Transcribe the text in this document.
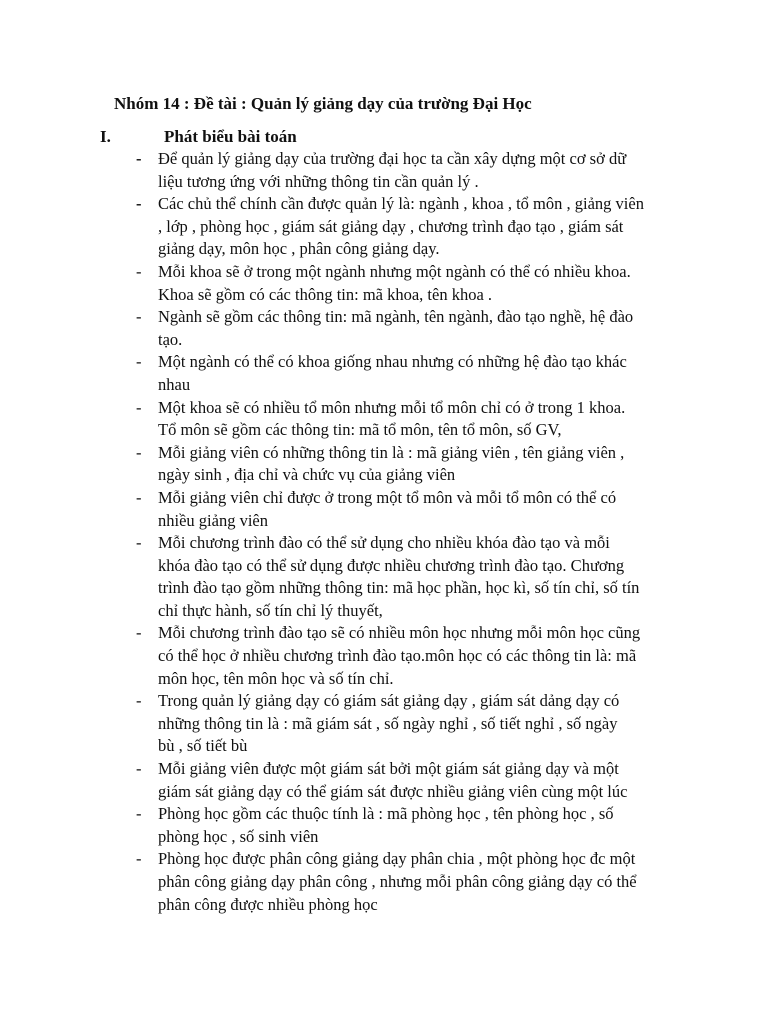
Nhóm 14 : Đề tài : Quản lý giảng dạy của trường Đại Học
I.	Phát biểu bài toán
-	Để quản lý giảng dạy của trường đại học ta cần xây dựng một cơ sở dữ
liệu tương ứng với những thông tin cần quản lý .
-	Các chủ thể chính cần được quản lý là: ngành , khoa , tổ môn , giảng viên
, lớp , phòng học , giám sát giảng dạy , chương trình đạo tạo , giám sát
giảng dạy, môn học , phân công giảng dạy.
-	Mỗi khoa sẽ ở trong một ngành nhưng một ngành có thể có nhiều khoa.
Khoa sẽ gồm có các thông tin: mã khoa, tên khoa .
-	Ngành sẽ gồm các thông tin: mã ngành, tên ngành, đào tạo nghề, hệ đào
tạo.
-	Một ngành có thể có khoa giống nhau nhưng có những hệ đào tạo khác
nhau
-	Một khoa sẽ có nhiều tổ môn nhưng mỗi tổ môn chỉ có ở trong 1 khoa.
Tổ môn sẽ gồm các thông tin: mã tổ môn, tên tổ môn, số GV,
-	Mỗi giảng viên có những thông tin là : mã giảng viên , tên giảng viên ,
ngày sinh , địa chỉ và chức vụ của giảng viên
-	Mỗi giảng viên chỉ được ở trong một tổ môn và mỗi tổ môn có thể có
nhiều giảng viên
-	Mỗi chương trình đào có thể sử dụng cho nhiều khóa đào tạo và mỗi
khóa đào tạo có thể sử dụng được nhiều chương trình đào tạo. Chương
trình đào tạo gồm những thông tin: mã học phần, học kì, số tín chỉ, số tín
chỉ thực hành, số tín chỉ lý thuyết,
-	Mỗi chương trình đào tạo sẽ có nhiều môn học nhưng mỗi môn học cũng
có thể học ở nhiều chương trình đào tạo.môn học có các thông tin là: mã
môn học, tên môn học và số tín chỉ.
-	Trong quản lý giảng dạy có giám sát giảng dạy , giám sát dảng dạy có
những thông tin là : mã giám sát , số ngày nghỉ , số tiết nghỉ , số ngày
bù , số tiết bù
-	Mỗi giảng viên được một giám sát bởi một giám sát giảng dạy và một
giám sát giảng dạy có thể giám sát được nhiều giảng viên cùng một lúc
-	Phòng học gồm các thuộc tính là : mã phòng học , tên phòng học , số
phòng học , số sinh viên
-	Phòng học được phân công giảng dạy phân chia , một phòng học đc một
phân công giảng dạy phân công , nhưng mỗi phân công giảng dạy có thể
phân công được nhiều phòng học
